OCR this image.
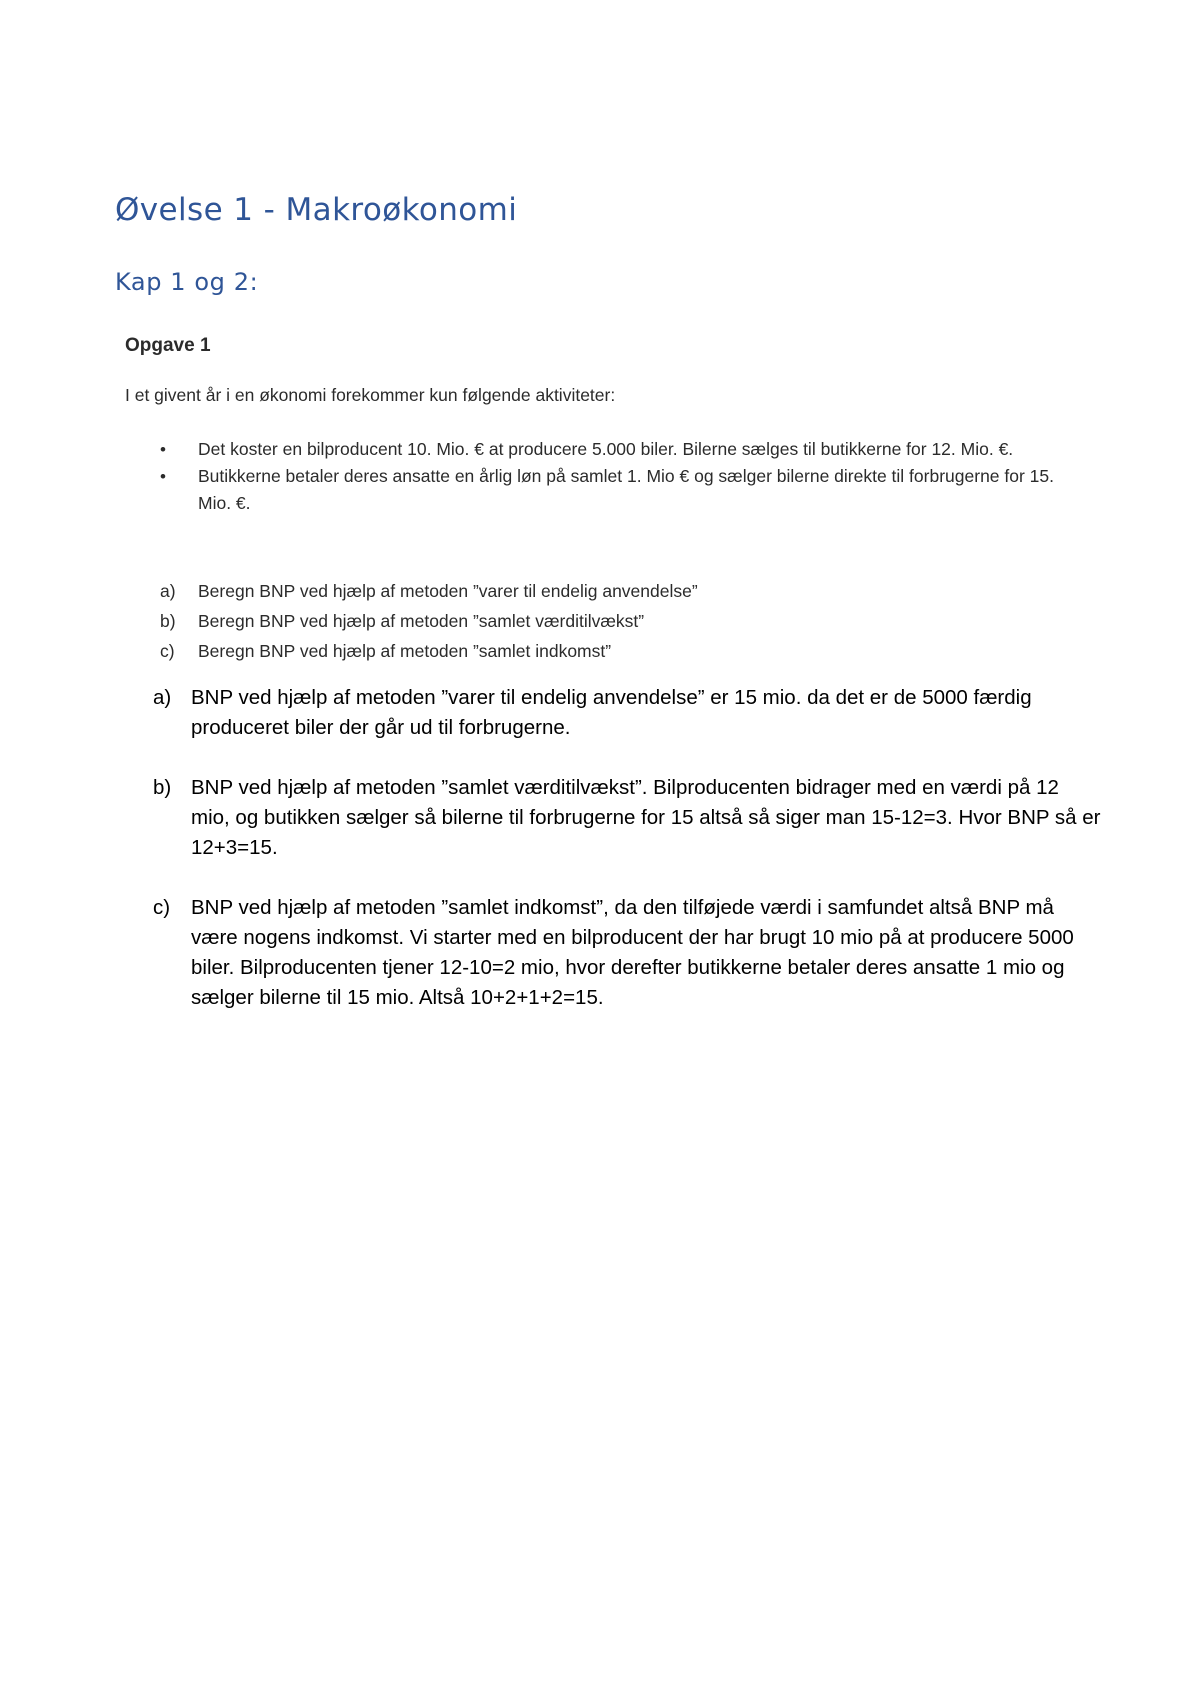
Øvelse 1 - Makroøkonomi
Kap 1 og 2:
Opgave 1
I et givent år i en økonomi forekommer kun følgende aktiviteter:
• Det koster en bilproducent 10. Mio. € at producere 5.000 biler. Bilerne sælges til butikkerne for 12. Mio. €.
• Butikkerne betaler deres ansatte en årlig løn på samlet 1. Mio € og sælger bilerne direkte til forbrugerne for 15. Mio. €.
a) Beregn BNP ved hjælp af metoden ”varer til endelig anvendelse”
b) Beregn BNP ved hjælp af metoden ”samlet værditilvækst”
c) Beregn BNP ved hjælp af metoden ”samlet indkomst”
a) BNP ved hjælp af metoden ”varer til endelig anvendelse” er 15 mio. da det er de 5000 færdig produceret biler der går ud til forbrugerne.
b) BNP ved hjælp af metoden ”samlet værditilvækst”. Bilproducenten bidrager med en værdi på 12 mio, og butikken sælger så bilerne til forbrugerne for 15 altså så siger man 15-12=3. Hvor BNP så er 12+3=15.
c) BNP ved hjælp af metoden ”samlet indkomst”, da den tilføjede værdi i samfundet altså BNP må være nogens indkomst. Vi starter med en bilproducent der har brugt 10 mio på at producere 5000 biler. Bilproducenten tjener 12-10=2 mio, hvor derefter butikkerne betaler deres ansatte 1 mio og sælger bilerne til 15 mio. Altså 10+2+1+2=15.
